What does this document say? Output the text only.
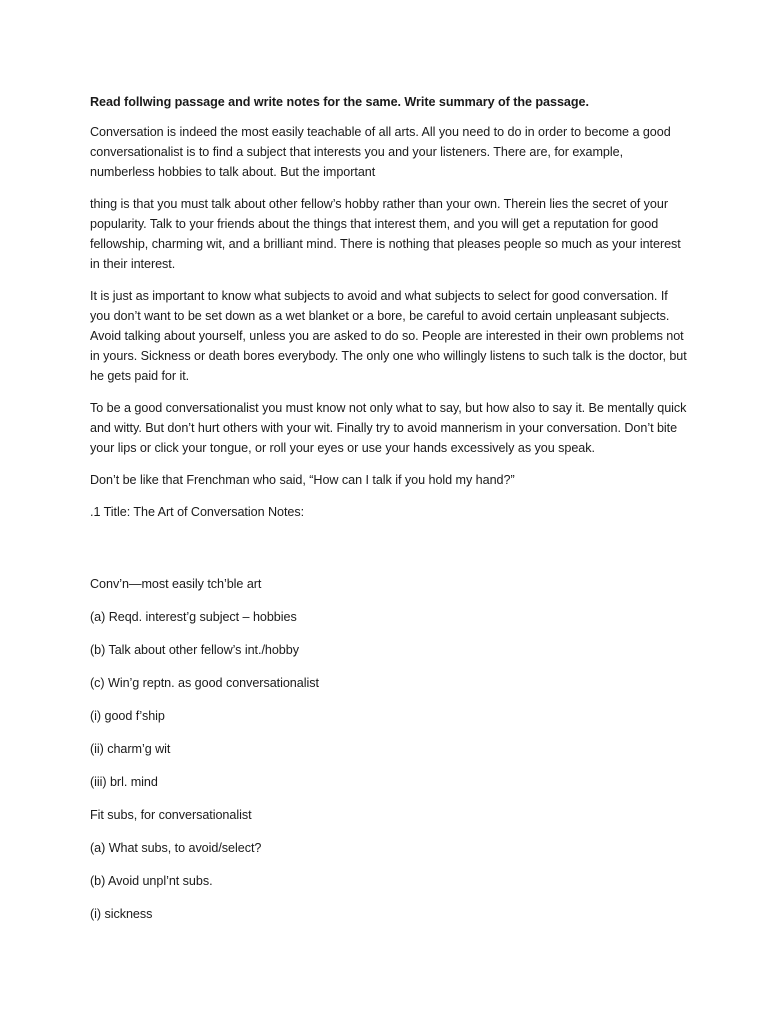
Read follwing passage and write notes for the same. Write summary of the passage.

Conversation is indeed the most easily teachable of all arts. All you need to do in order to become a good conversationalist is to find a subject that interests you and your listeners. There are, for example, numberless hobbies to talk about. But the important

thing is that you must talk about other fellow’s hobby rather than your own. Therein lies the secret of your popularity. Talk to your friends about the things that interest them, and you will get a reputation for good fellowship, charming wit, and a brilliant mind. There is nothing that pleases people so much as your interest in their interest.

It is just as important to know what subjects to avoid and what subjects to select for good conversation. If you don’t want to be set down as a wet blanket or a bore, be careful to avoid certain unpleasant subjects. Avoid talking about yourself, unless you are asked to do so. People are interested in their own problems not in yours. Sickness or death bores everybody. The only one who willingly listens to such talk is the doctor, but he gets paid for it.

To be a good conversationalist you must know not only what to say, but how also to say it. Be mentally quick and witty. But don’t hurt others with your wit. Finally try to avoid mannerism in your conversation. Don’t bite your lips or click your tongue, or roll your eyes or use your hands excessively as you speak.

Don’t be like that Frenchman who said, “How can I talk if you hold my hand?”

.1 Title: The Art of Conversation Notes:

Conv’n—most easily tch’ble art

(a) Reqd. interest’g subject – hobbies

(b) Talk about other fellow’s int./hobby

(c) Win’g reptn. as good conversationalist

(i) good f’ship

(ii) charm’g wit

(iii) brl. mind

Fit subs, for conversationalist

(a) What subs, to avoid/select?

(b) Avoid unpl’nt subs.

(i) sickness
